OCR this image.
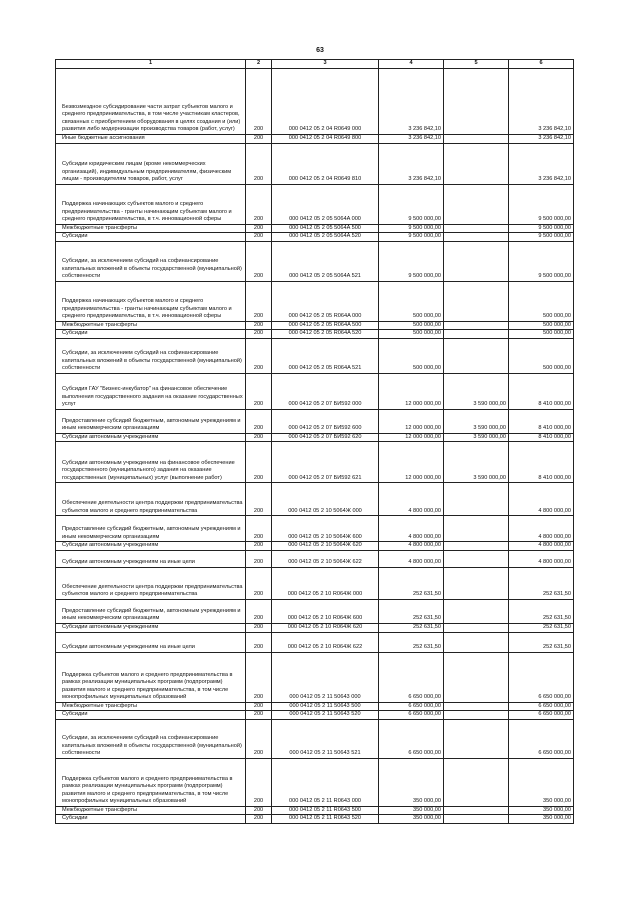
63
1	2	3	4	5	6
Безвозмездное субсидирование части затрат субъектов малого и среднего предпринимательства, в том числе участникам кластеров, связанных с приобретением оборудования в целях создания и (или) развития либо модернизации производства товаров (работ, услуг)	200	000 0412 05 2 04 R0649 000	3 236 842,10		3 236 842,10
Иные бюджетные ассигнования	200	000 0412 05 2 04 R0649 800	3 236 842,10		3 236 842,10
Субсидии юридическим лицам (кроме некоммерческих организаций), индивидуальным предпринимателям, физическим лицам - производителям товаров, работ, услуг	200	000 0412 05 2 04 R0649 810	3 236 842,10		3 236 842,10
Поддержка начинающих субъектов малого и среднего предпринимательства - гранты начинающим субъектам малого и среднего предпринимательства, в т.ч. инновационной сферы	200	000 0412 05 2 05 5064A 000	9 500 000,00		9 500 000,00
Межбюджетные трансферты	200	000 0412 05 2 05 5064A 500	9 500 000,00		9 500 000,00
Субсидии	200	000 0412 05 2 05 5064A 520	9 500 000,00		9 500 000,00
Субсидии, за исключением субсидий на софинансирование капитальных вложений в объекты государственной (муниципальной) собственности	200	000 0412 05 2 05 5064A 521	9 500 000,00		9 500 000,00
Поддержка начинающих субъектов малого и среднего предпринимательства - гранты начинающим субъектам малого и среднего предпринимательства, в т.ч. инновационной сферы	200	000 0412 05 2 05 R064A 000	500 000,00		500 000,00
Межбюджетные трансферты	200	000 0412 05 2 05 R064A 500	500 000,00		500 000,00
Субсидии	200	000 0412 05 2 05 R064A 520	500 000,00		500 000,00
Субсидии, за исключением субсидий на софинансирование капитальных вложений в объекты государственной (муниципальной) собственности	200	000 0412 05 2 05 R064A 521	500 000,00		500 000,00
Субсидия ГАУ "Бизнес-инкубатор" на финансовое обеспечение выполнения государственного задания на оказание государственных услуг	200	000 0412 05 2 07 БИ592 000	12 000 000,00	3 590 000,00	8 410 000,00
Предоставление субсидий бюджетным, автономным учреждениям и иным некоммерческим организациям	200	000 0412 05 2 07 БИ592 600	12 000 000,00	3 590 000,00	8 410 000,00
Субсидии автономным учреждениям	200	000 0412 05 2 07 БИ592 620	12 000 000,00	3 590 000,00	8 410 000,00
Субсидии автономным учреждениям на финансовое обеспечение государственного (муниципального) задания на оказание государственных (муниципальных) услуг (выполнение работ)	200	000 0412 05 2 07 БИ592 621	12 000 000,00	3 590 000,00	8 410 000,00
Обеспечение деятельности центра поддержки предпринимательства субъектов малого и среднего предпринимательства	200	000 0412 05 2 10 5064Ж 000	4 800 000,00		4 800 000,00
Предоставление субсидий бюджетным, автономным учреждениям и иным некоммерческим организациям	200	000 0412 05 2 10 5064Ж 600	4 800 000,00		4 800 000,00
Субсидии автономным учреждениям	200	000 0412 05 2 10 5064Ж 620	4 800 000,00		4 800 000,00
Субсидии автономным учреждениям на иные цели	200	000 0412 05 2 10 5064Ж 622	4 800 000,00		4 800 000,00
Обеспечение деятельности центра поддержки предпринимательства субъектов малого и среднего предпринимательства	200	000 0412 05 2 10 R064Ж 000	252 631,50		252 631,50
Предоставление субсидий бюджетным, автономным учреждениям и иным некоммерческим организациям	200	000 0412 05 2 10 R064Ж 600	252 631,50		252 631,50
Субсидии автономным учреждениям	200	000 0412 05 2 10 R064Ж 620	252 631,50		252 631,50
Субсидии автономным учреждениям на иные цели	200	000 0412 05 2 10 R064Ж 622	252 631,50		252 631,50
Поддержка субъектов малого и среднего предпринимательства в рамках реализации муниципальных программ (подпрограмм) развития малого и среднего предпринимательства, в том числе монопрофильных муниципальных образований	200	000 0412 05 2 11 50643 000	6 650 000,00		6 650 000,00
Межбюджетные трансферты	200	000 0412 05 2 11 50643 500	6 650 000,00		6 650 000,00
Субсидии	200	000 0412 05 2 11 50643 520	6 650 000,00		6 650 000,00
Субсидии, за исключением субсидий на софинансирование капитальных вложений в объекты государственной (муниципальной) собственности	200	000 0412 05 2 11 50643 521	6 650 000,00		6 650 000,00
Поддержка субъектов малого и среднего предпринимательства в рамках реализации муниципальных программ (подпрограмм) развития малого и среднего предпринимательства, в том числе монопрофильных муниципальных образований	200	000 0412 05 2 11 R0643 000	350 000,00		350 000,00
Межбюджетные трансферты	200	000 0412 05 2 11 R0643 500	350 000,00		350 000,00
Субсидии	200	000 0412 05 2 11 R0643 520	350 000,00		350 000,00
